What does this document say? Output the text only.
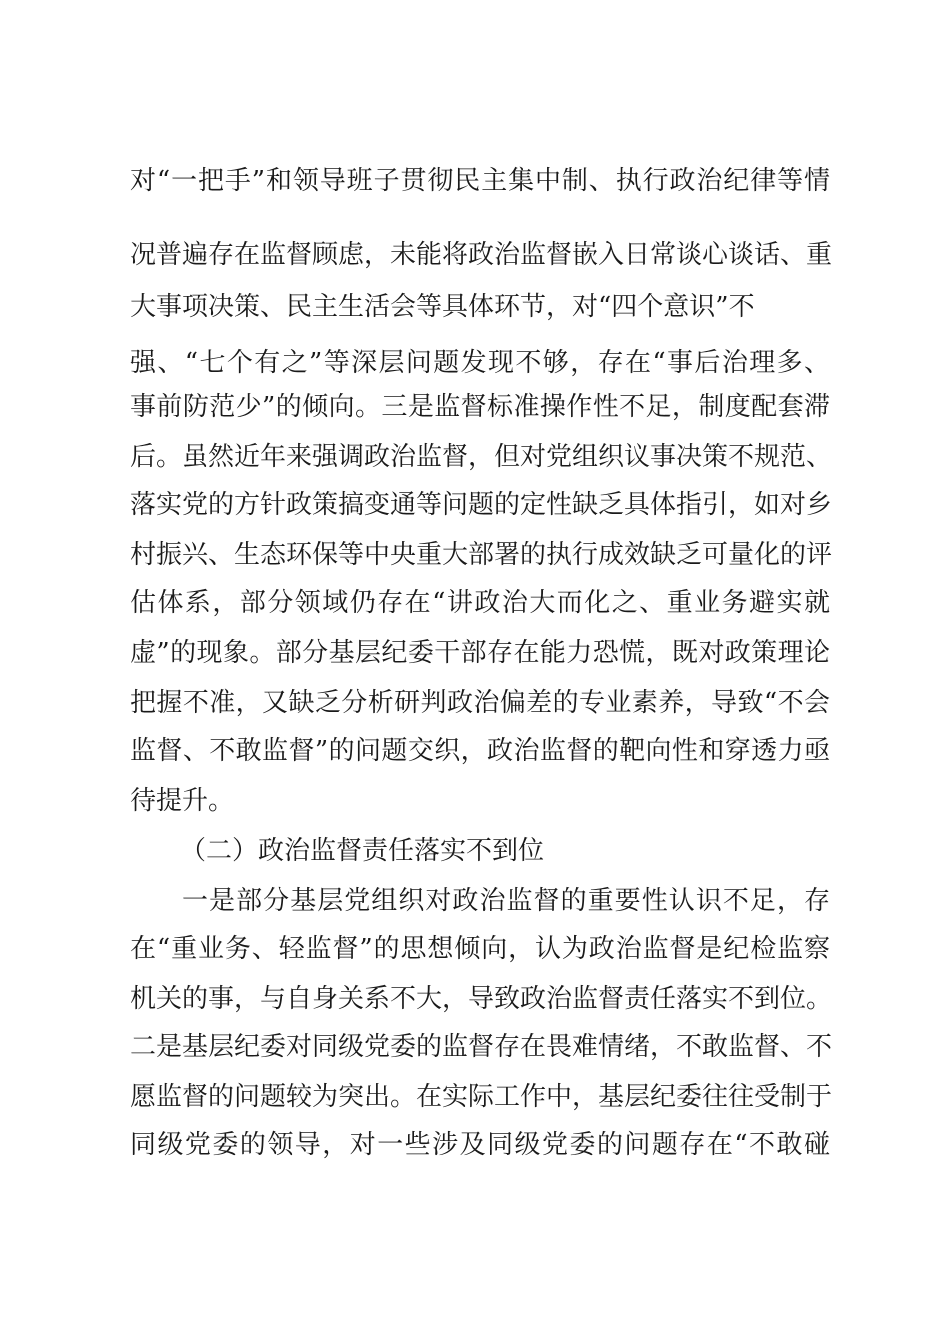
对“一把手”和领导班子贯彻民主集中制、执行政治纪律等情
况普遍存在监督顾虑，未能将政治监督嵌入日常谈心谈话、重
大事项决策、民主生活会等具体环节，对“四个意识”不
强、“七个有之”等深层问题发现不够，存在“事后治理多、
事前防范少”的倾向。三是监督标准操作性不足，制度配套滞
后。虽然近年来强调政治监督，但对党组织议事决策不规范、
落实党的方针政策搞变通等问题的定性缺乏具体指引，如对乡
村振兴、生态环保等中央重大部署的执行成效缺乏可量化的评
估体系，部分领域仍存在“讲政治大而化之、重业务避实就
虚”的现象。部分基层纪委干部存在能力恐慌，既对政策理论
把握不准，又缺乏分析研判政治偏差的专业素养，导致“不会
监督、不敢监督”的问题交织，政治监督的靶向性和穿透力亟
待提升。
（二）政治监督责任落实不到位
一是部分基层党组织对政治监督的重要性认识不足，存
在“重业务、轻监督”的思想倾向，认为政治监督是纪检监察
机关的事，与自身关系不大，导致政治监督责任落实不到位。
二是基层纪委对同级党委的监督存在畏难情绪，不敢监督、不
愿监督的问题较为突出。在实际工作中，基层纪委往往受制于
同级党委的领导，对一些涉及同级党委的问题存在“不敢碰
